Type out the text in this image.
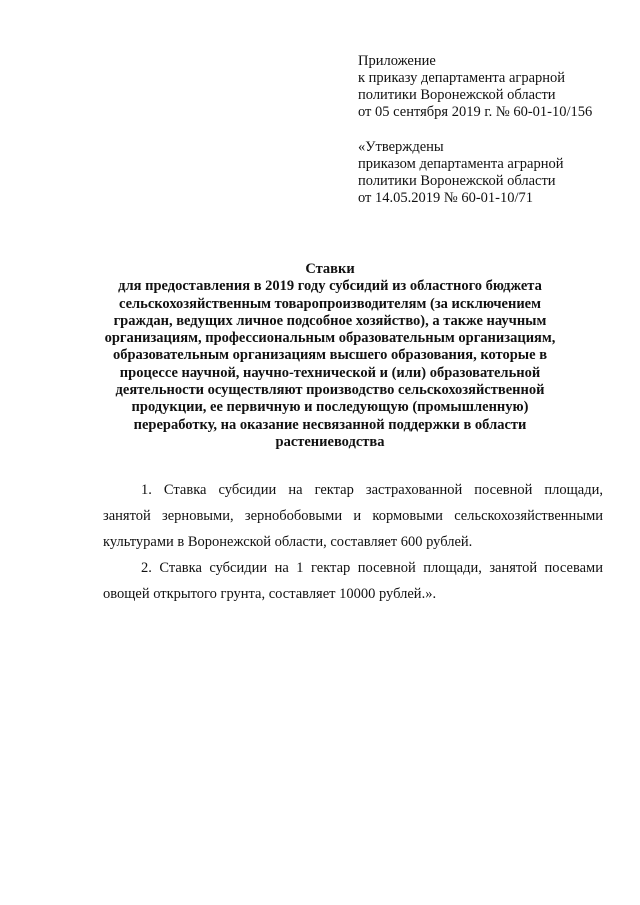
Приложение
к приказу департамента аграрной
политики Воронежской области
от 05 сентября 2019 г. № 60-01-10/156
«Утверждены
приказом департамента аграрной
политики Воронежской области
от 14.05.2019 № 60-01-10/71
Ставки
для предоставления в 2019 году субсидий из областного бюджета
сельскохозяйственным товаропроизводителям (за исключением
граждан, ведущих личное подсобное хозяйство), а также научным
организациям, профессиональным образовательным организациям,
образовательным организациям высшего образования, которые в
процессе научной, научно-технической и (или) образовательной
деятельности осуществляют производство сельскохозяйственной
продукции, ее первичную и последующую (промышленную)
переработку, на оказание несвязанной поддержки в области
растениеводства
1. Ставка субсидии на гектар застрахованной посевной площади,
занятой зерновыми, зернобобовыми и кормовыми сельскохозяйственными
культурами в Воронежской области, составляет 600 рублей.
2. Ставка субсидии на 1 гектар посевной площади, занятой посевами
овощей открытого грунта, составляет 10000 рублей.».
